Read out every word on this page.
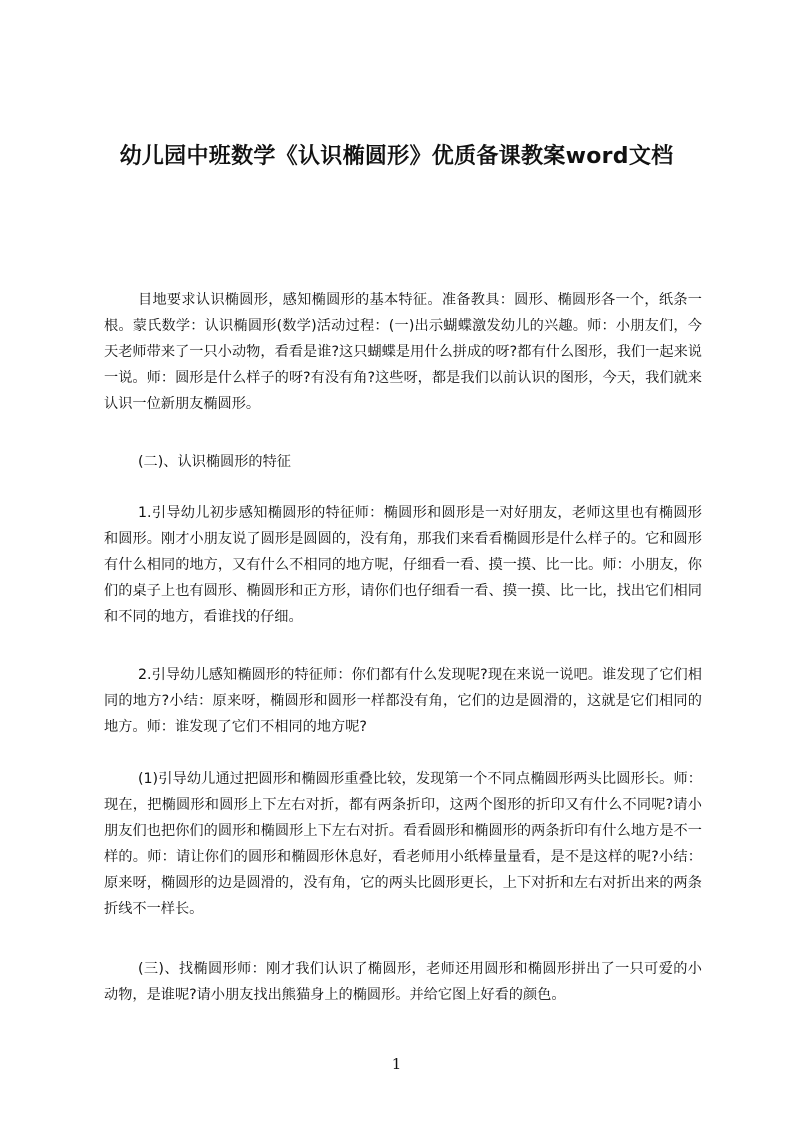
幼儿园中班数学《认识椭圆形》优质备课教案word文档

目地要求认识椭圆形，感知椭圆形的基本特征。准备教具：圆形、椭圆形各一个，纸条一根。蒙氏数学：认识椭圆形(数学)活动过程：(一)出示蝴蝶激发幼儿的兴趣。师：小朋友们，今天老师带来了一只小动物，看看是谁?这只蝴蝶是用什么拼成的呀?都有什么图形，我们一起来说一说。师：圆形是什么样子的呀?有没有角?这些呀，都是我们以前认识的图形，今天，我们就来认识一位新朋友椭圆形。

(二)、认识椭圆形的特征

1.引导幼儿初步感知椭圆形的特征师：椭圆形和圆形是一对好朋友，老师这里也有椭圆形和圆形。刚才小朋友说了圆形是圆圆的，没有角，那我们来看看椭圆形是什么样子的。它和圆形有什么相同的地方，又有什么不相同的地方呢，仔细看一看、摸一摸、比一比。师：小朋友，你们的桌子上也有圆形、椭圆形和正方形，请你们也仔细看一看、摸一摸、比一比，找出它们相同和不同的地方，看谁找的仔细。

2.引导幼儿感知椭圆形的特征师：你们都有什么发现呢?现在来说一说吧。谁发现了它们相同的地方?小结：原来呀，椭圆形和圆形一样都没有角，它们的边是圆滑的，这就是它们相同的地方。师：谁发现了它们不相同的地方呢?

(1)引导幼儿通过把圆形和椭圆形重叠比较，发现第一个不同点椭圆形两头比圆形长。师：现在，把椭圆形和圆形上下左右对折，都有两条折印，这两个图形的折印又有什么不同呢?请小朋友们也把你们的圆形和椭圆形上下左右对折。看看圆形和椭圆形的两条折印有什么地方是不一样的。师：请让你们的圆形和椭圆形休息好，看老师用小纸棒量量看，是不是这样的呢?小结：原来呀，椭圆形的边是圆滑的，没有角，它的两头比圆形更长，上下对折和左右对折出来的两条折线不一样长。

(三)、找椭圆形师：刚才我们认识了椭圆形，老师还用圆形和椭圆形拼出了一只可爱的小动物，是谁呢?请小朋友找出熊猫身上的椭圆形。并给它图上好看的颜色。

1
